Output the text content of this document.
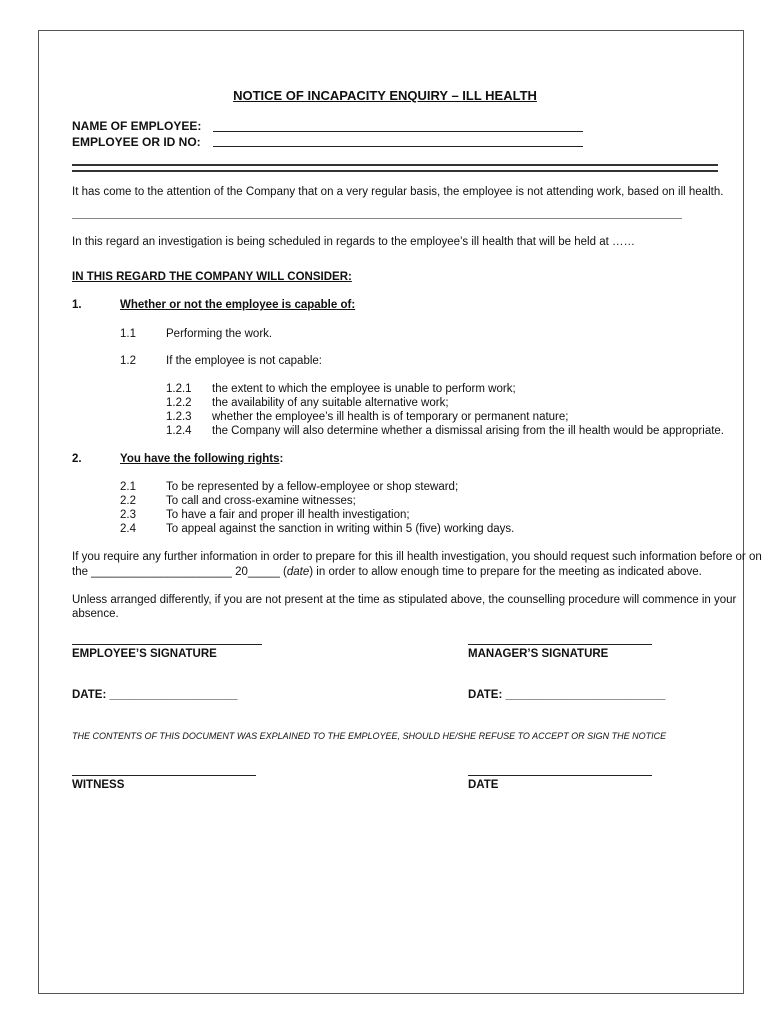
NOTICE OF INCAPACITY ENQUIRY – ILL HEALTH
NAME OF EMPLOYEE:
EMPLOYEE OR ID NO:
It has come to the attention of the Company that on a very regular basis, the employee is not attending work, based on ill health.
In this regard an investigation is being scheduled in regards to the employee’s ill health that will be held at ……
IN THIS REGARD THE COMPANY WILL CONSIDER:
1.	Whether or not the employee is capable of:
1.1	Performing the work.
1.2	If the employee is not capable:
1.2.1 the extent to which the employee is unable to perform work;
1.2.2 the availability of any suitable alternative work;
1.2.3 whether the employee’s ill health is of temporary or permanent nature;
1.2.4 the Company will also determine whether a dismissal arising from the ill health would be appropriate.
2.	You have the following rights:
2.1	To be represented by a fellow-employee or shop steward;
2.2	To call and cross-examine witnesses;
2.3	To have a fair and proper ill health investigation;
2.4	To appeal against the sanction in writing within 5 (five) working days.
If you require any further information in order to prepare for this ill health investigation, you should request such information before or on
the ______________________ 20_____ (date) in order to allow enough time to prepare for the meeting as indicated above.
Unless arranged differently, if you are not present at the time as stipulated above, the counselling procedure will commence in your
absence.
EMPLOYEE’S SIGNATURE	MANAGER’S SIGNATURE
DATE: ____________________	DATE: _________________________
THE CONTENTS OF THIS DOCUMENT WAS EXPLAINED TO THE EMPLOYEE, SHOULD HE/SHE REFUSE TO ACCEPT OR SIGN THE NOTICE
WITNESS	DATE
